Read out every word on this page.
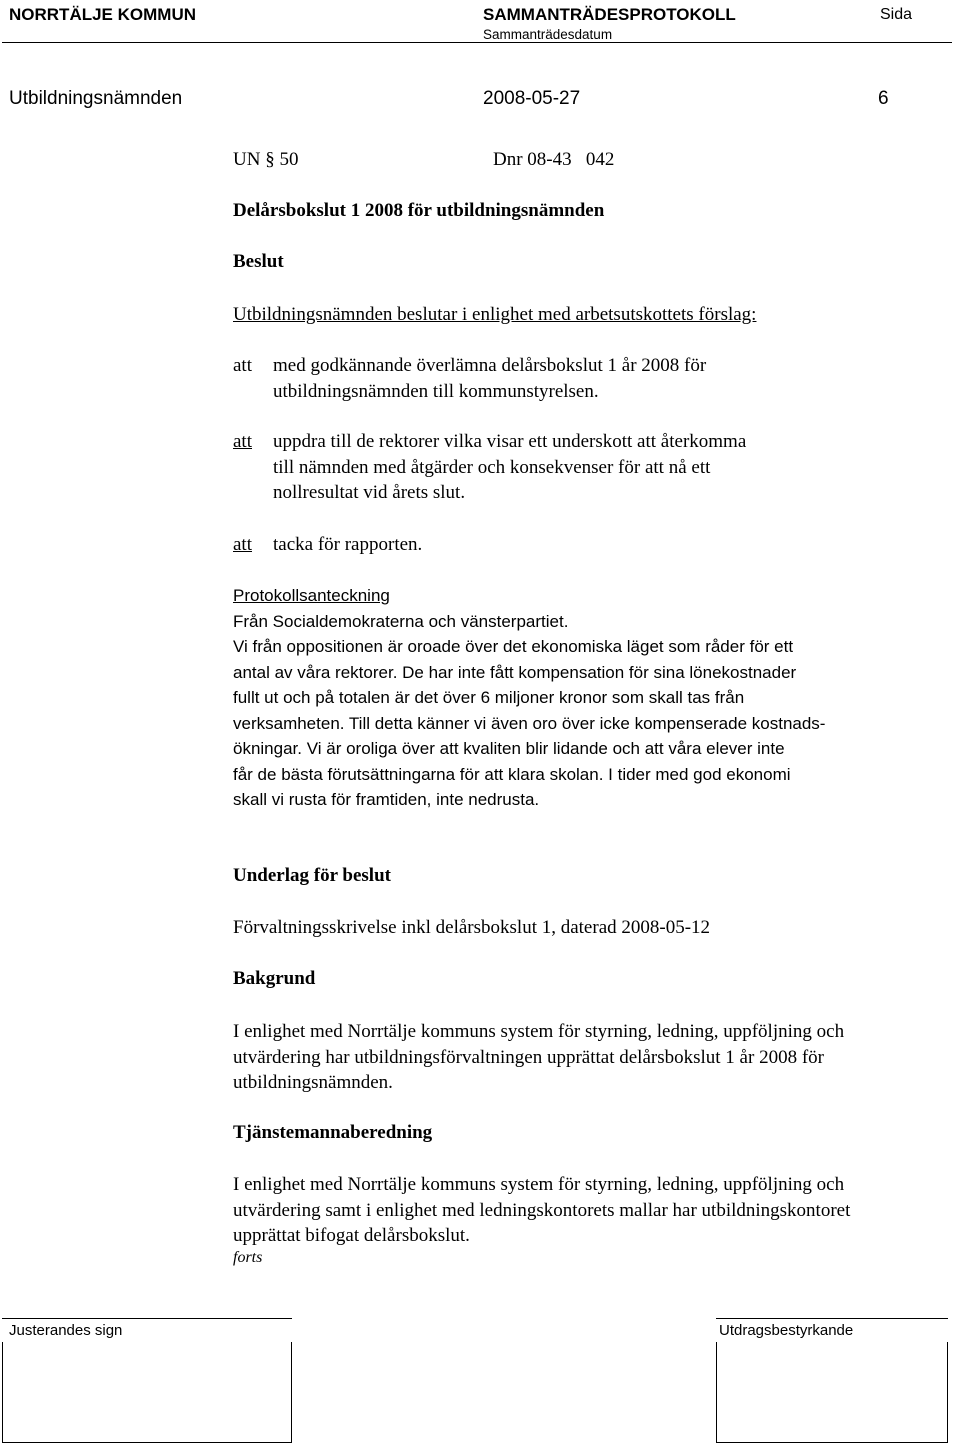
NORRTÄLJE KOMMUN	SAMMANTRÄDESPROTOKOLL
Sammanträdesdatum
Sida
Utbildningsnämnden	2008-05-27	6
UN § 50	Dnr 08-43   042
Delårsbokslut 1 2008 för utbildningsnämnden
Beslut
Utbildningsnämnden beslutar i enlighet med arbetsutskottets förslag:
att med godkännande överlämna delårsbokslut 1 år 2008 för
utbildningsnämnden till kommunstyrelsen.
att uppdra till de rektorer vilka visar ett underskott att återkomma
till nämnden med åtgärder och konsekvenser för att nå ett
nollresultat vid årets slut.
att tacka för rapporten.
Protokollsanteckning
Från Socialdemokraterna och vänsterpartiet.
Vi från oppositionen är oroade över det ekonomiska läget som råder för ett
antal av våra rektorer. De har inte fått kompensation för sina lönekostnader
fullt ut och på totalen är det över 6 miljoner kronor som skall tas från
verksamheten. Till detta känner vi även oro över icke kompenserade kostnads-
ökningar. Vi är oroliga över att kvaliten blir lidande och att våra elever inte
får de bästa förutsättningarna för att klara skolan. I tider med god ekonomi
skall vi rusta för framtiden, inte nedrusta.
Underlag för beslut
Förvaltningsskrivelse inkl delårsbokslut 1, daterad 2008-05-12
Bakgrund
I enlighet med Norrtälje kommuns system för styrning, ledning, uppföljning och
utvärdering har utbildningsförvaltningen upprättat delårsbokslut 1 år 2008 för
utbildningsnämnden.
Tjänstemannaberedning
I enlighet med Norrtälje kommuns system för styrning, ledning, uppföljning och
utvärdering samt i enlighet med ledningskontorets mallar har utbildningskontoret
upprättat bifogat delårsbokslut.
forts
Justerandes sign	Utdragsbestyrkande
